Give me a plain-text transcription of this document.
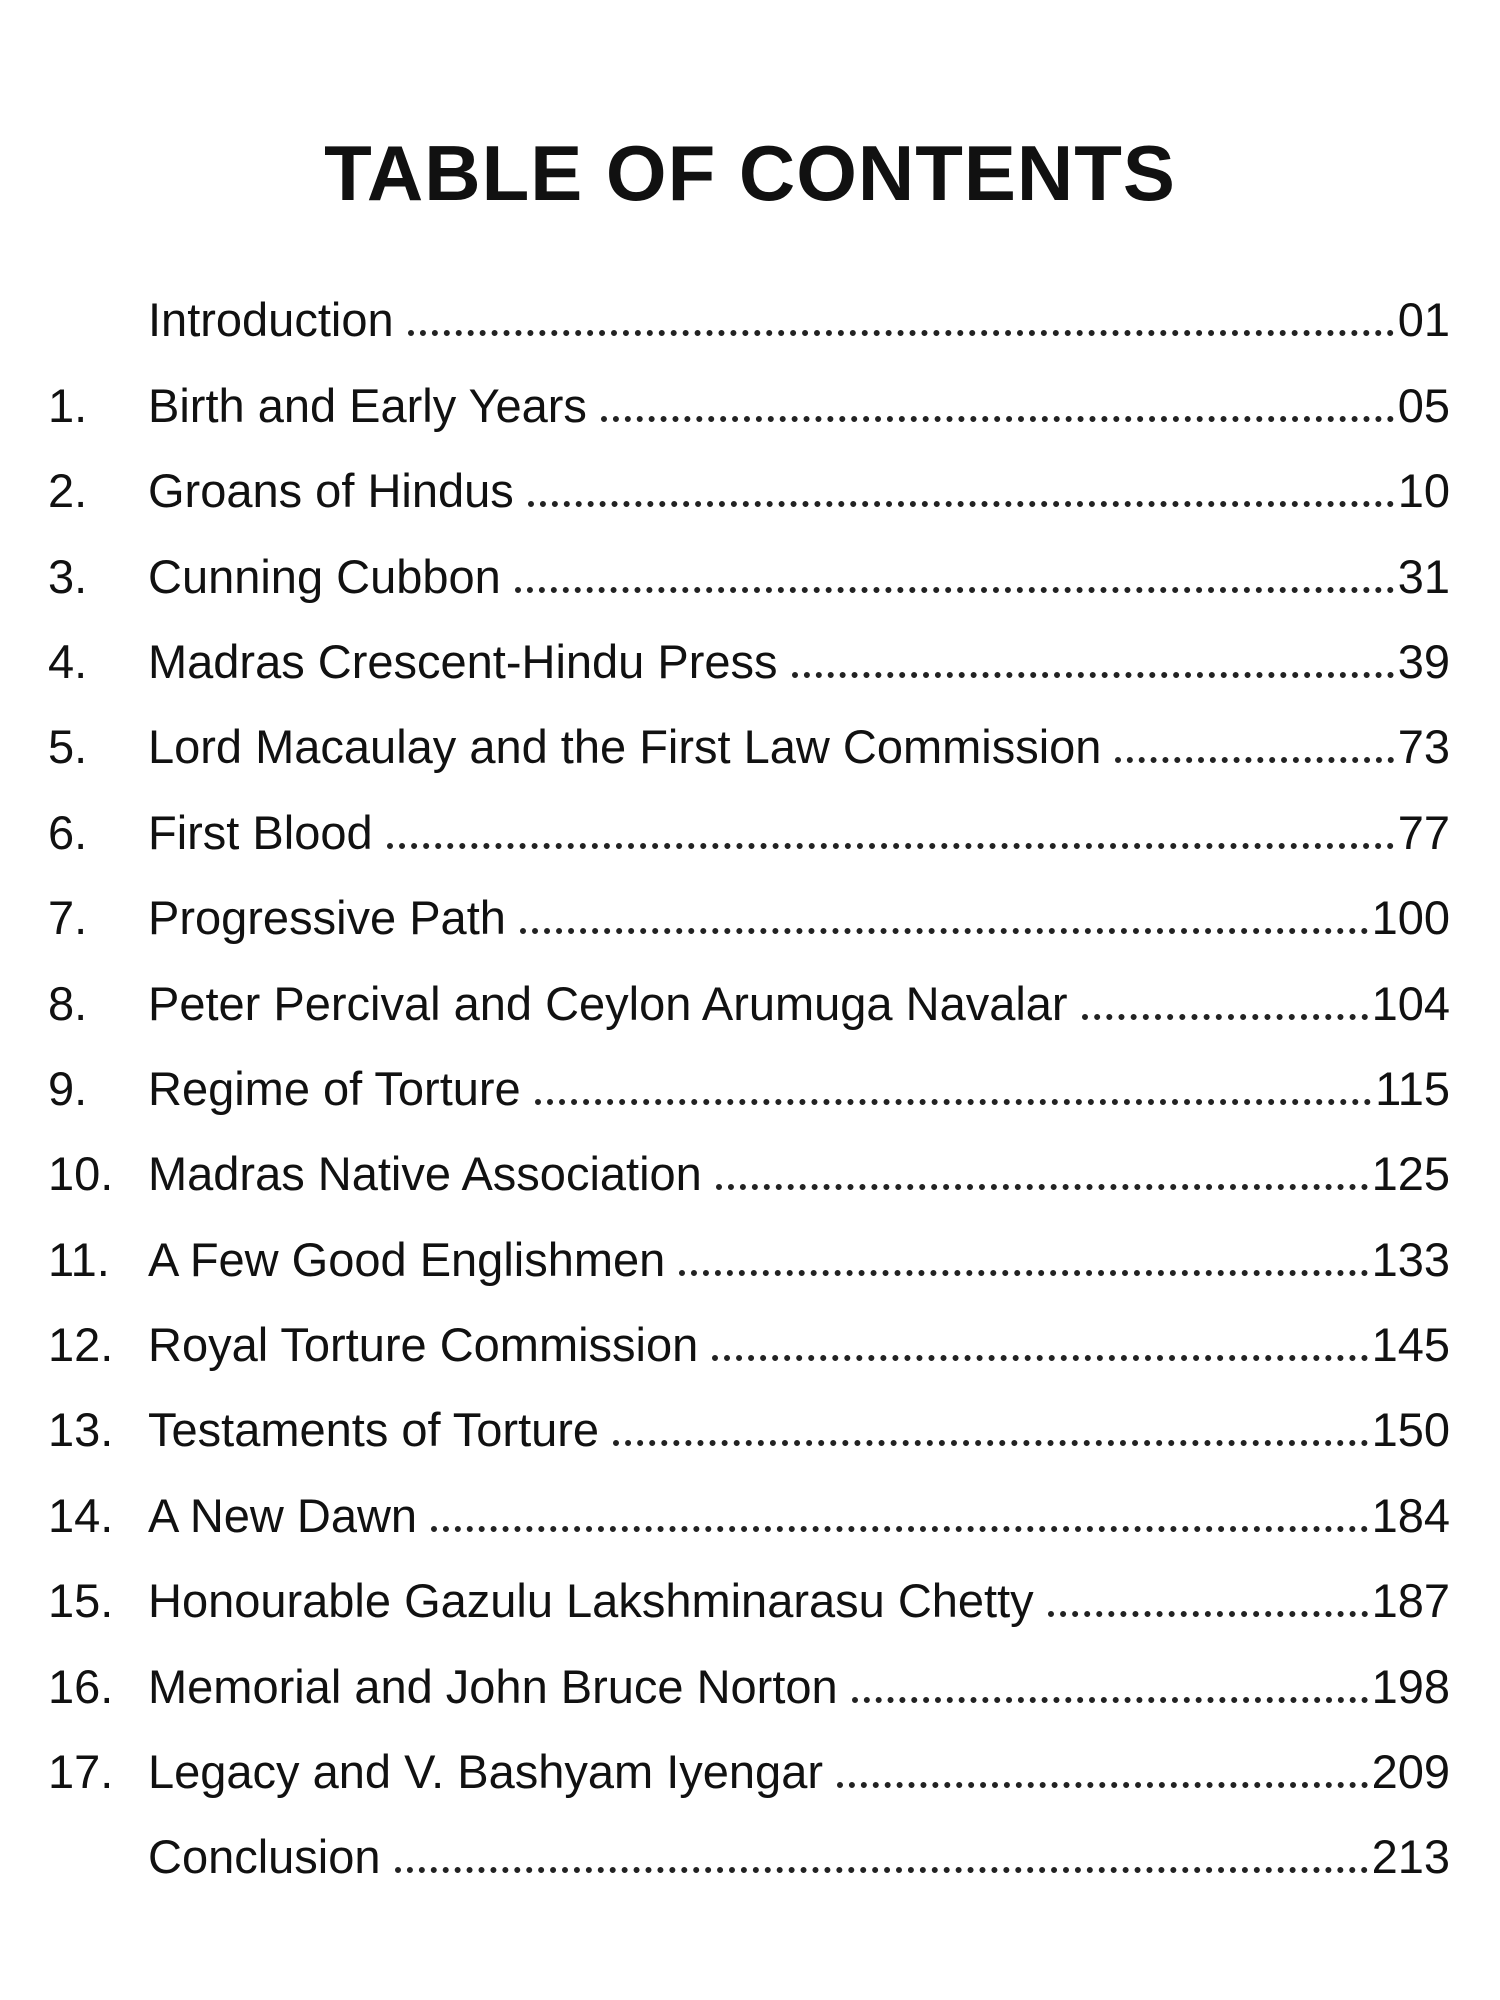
TABLE OF CONTENTS
Introduction	01
1.	Birth and Early Years	05
2.	Groans of Hindus	10
3.	Cunning Cubbon	31
4.	Madras Crescent-Hindu Press	39
5.	Lord Macaulay and the First Law Commission	73
6.	First Blood	77
7.	Progressive Path	100
8.	Peter Percival and Ceylon Arumuga Navalar	104
9.	Regime of Torture	115
10. Madras Native Association	125
11. A Few Good Englishmen	133
12. Royal Torture Commission	145
13. Testaments of Torture	150
14. A New Dawn	184
15. Honourable Gazulu Lakshminarasu Chetty	187
16. Memorial and John Bruce Norton	198
17. Legacy and V. Bashyam Iyengar	209
Conclusion	213
